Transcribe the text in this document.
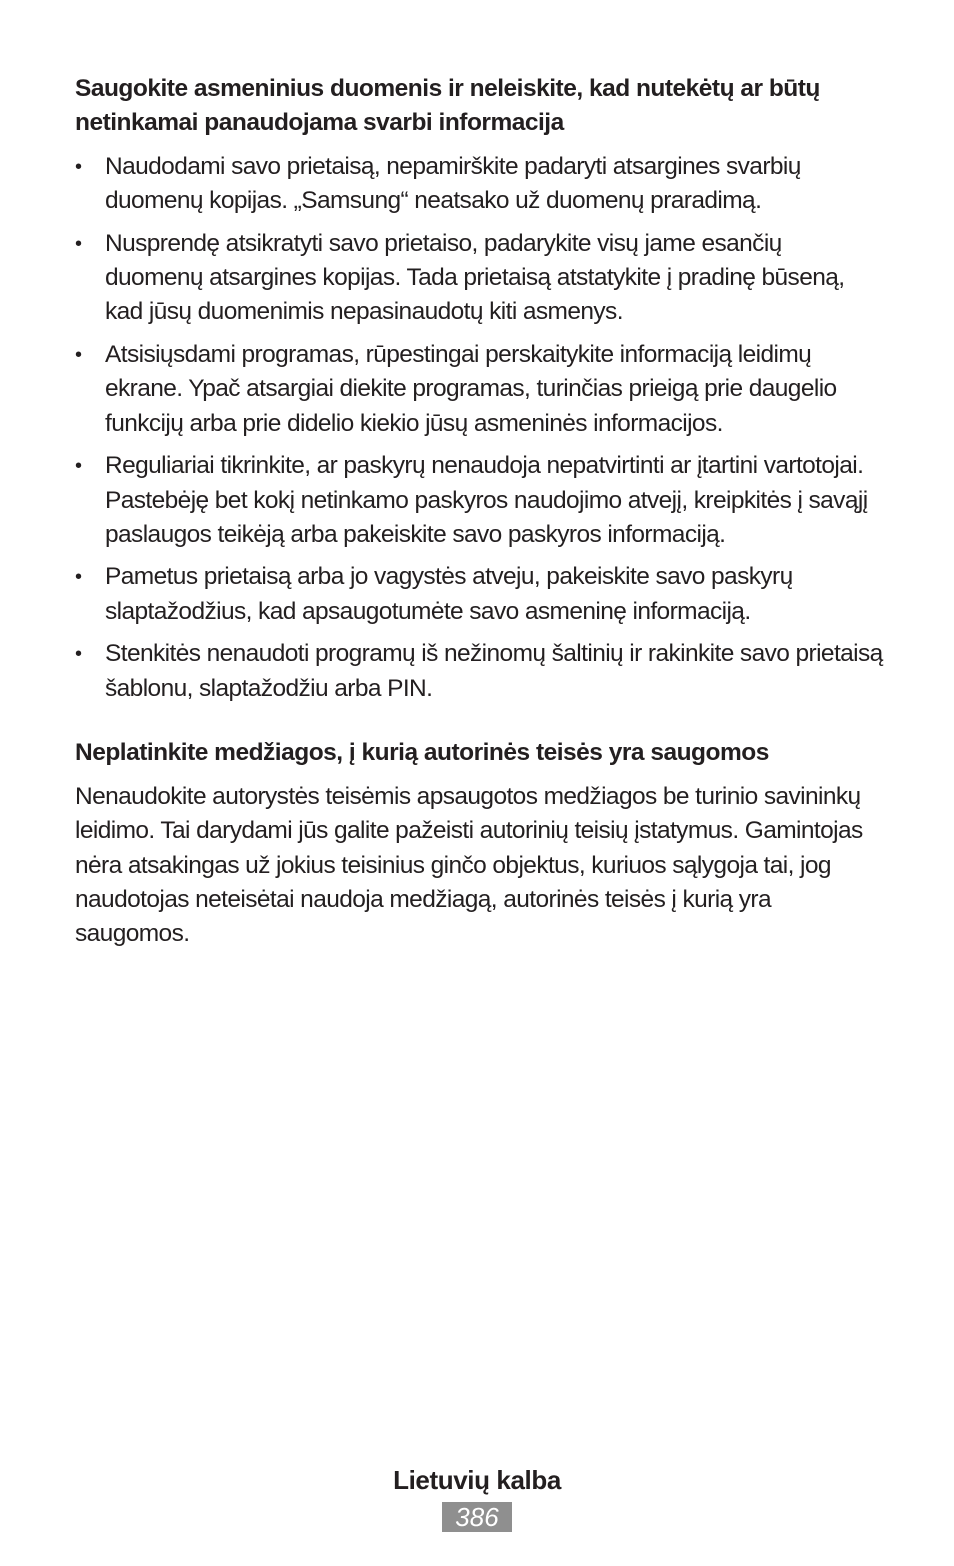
Saugokite asmeninius duomenis ir neleiskite, kad nutekėtų ar būtų netinkamai panaudojama svarbi informacija
• Naudodami savo prietaisą, nepamirškite padaryti atsargines svarbių duomenų kopijas. „Samsung“ neatsako už duomenų praradimą.
• Nusprendę atsikratyti savo prietaiso, padarykite visų jame esančių duomenų atsargines kopijas. Tada prietaisą atstatykite į pradinę būseną, kad jūsų duomenimis nepasinaudotų kiti asmenys.
• Atsisiųsdami programas, rūpestingai perskaitykite informaciją leidimų ekrane. Ypač atsargiai diekite programas, turinčias prieigą prie daugelio funkcijų arba prie didelio kiekio jūsų asmeninės informacijos.
• Reguliariai tikrinkite, ar paskyrų nenaudoja nepatvirtinti ar įtartini vartotojai. Pastebėję bet kokį netinkamo paskyros naudojimo atvejį, kreipkitės į savąjį paslaugos teikėją arba pakeiskite savo paskyros informaciją.
• Pametus prietaisą arba jo vagystės atveju, pakeiskite savo paskyrų slaptažodžius, kad apsaugotumėte savo asmeninę informaciją.
• Stenkitės nenaudoti programų iš nežinomų šaltinių ir rakinkite savo prietaisą šablonu, slaptažodžiu arba PIN.
Neplatinkite medžiagos, į kurią autorinės teisės yra saugomos

Nenaudokite autorystės teisėmis apsaugotos medžiagos be turinio savininkų leidimo. Tai darydami jūs galite pažeisti autorinių teisių įstatymus. Gamintojas nėra atsakingas už jokius teisinius ginčo objektus, kuriuos sąlygoja tai, jog naudotojas neteisėtai naudoja medžiagą, autorinės teisės į kurią yra saugomos.

Lietuvių kalba
386
